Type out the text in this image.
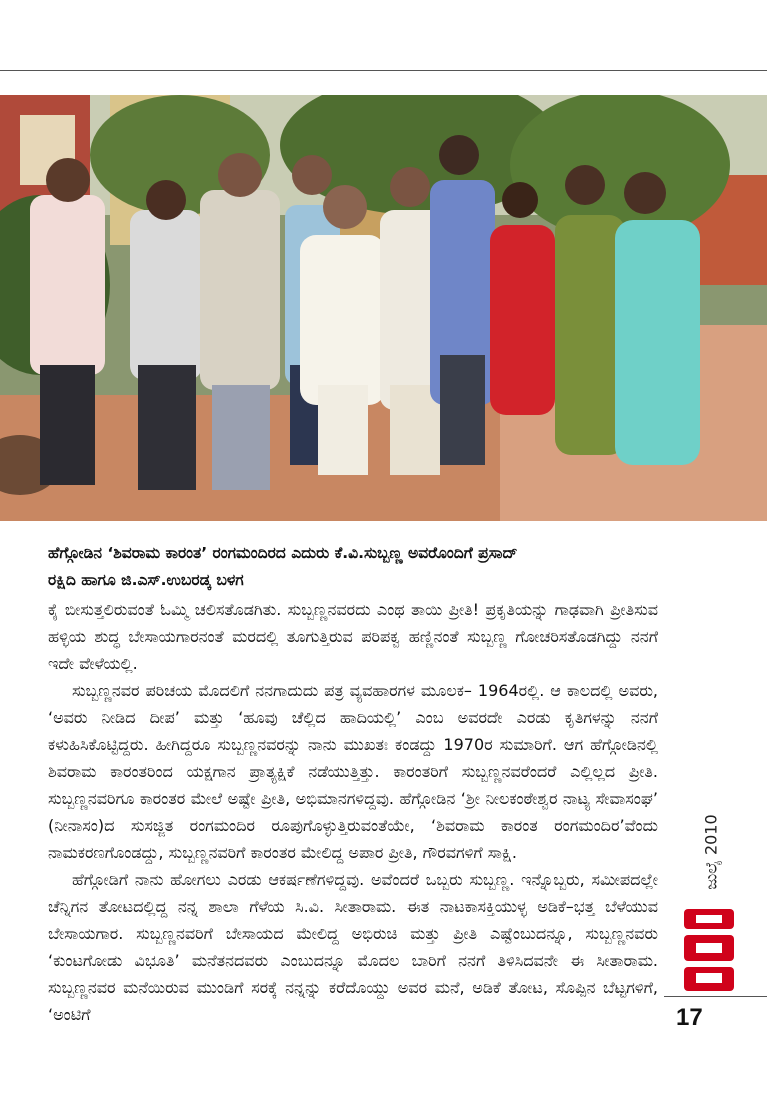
ಹೆಗ್ಗೋಡಿನ ‘ಶಿವರಾಮ ಕಾರಂತ’ ರಂಗಮಂದಿರದ ಎದುರು ಕೆ.ವಿ.ಸುಬ್ಬಣ್ಣ ಅವರೊಂದಿಗೆ ಪ್ರಸಾದ್
ರಕ್ಷಿದಿ ಹಾಗೂ ಜಿ.ಎಸ್.ಉಬರಡ್ಕ ಬಳಗ

ಕೈ ಬೀಸುತ್ತಲಿರುವಂತೆ ಓಮ್ಮಿ ಚಲಿಸತೊಡಗಿತು. ಸುಬ್ಬಣ್ಣನವರದು ಎಂಥ ತಾಯಿ ಪ್ರೀತಿ! ಪ್ರಕೃತಿಯನ್ನು ಗಾಢವಾಗಿ ಪ್ರೀತಿಸುವ ಹಳ್ಳಿಯ ಶುದ್ಧ ಬೇಸಾಯಗಾರನಂತೆ ಮರದಲ್ಲಿ ತೂಗುತ್ತಿರುವ ಪರಿಪಕ್ವ ಹಣ್ಣಿನಂತೆ ಸುಬ್ಬಣ್ಣ ಗೋಚರಿಸತೊಡಗಿದ್ದು ನನಗೆ ಇದೇ ವೇಳೆಯಲ್ಲಿ.

ಸುಬ್ಬಣ್ಣನವರ ಪರಿಚಯ ಮೊದಲಿಗೆ ನನಗಾದುದು ಪತ್ರ ವ್ಯವಹಾರಗಳ ಮೂಲಕ– 1964ರಲ್ಲಿ. ಆ ಕಾಲದಲ್ಲಿ ಅವರು, ‘ಅವರು ನೀಡಿದ ದೀಪ’ ಮತ್ತು ‘ಹೂವು ಚೆಲ್ಲಿದ ಹಾದಿಯಲ್ಲಿ’ ಎಂಬ ಅವರದೇ ಎರಡು ಕೃತಿಗಳನ್ನು ನನಗೆ ಕಳುಹಿಸಿಕೊಟ್ಟಿದ್ದರು. ಹೀಗಿದ್ದರೂ ಸುಬ್ಬಣ್ಣನವರನ್ನು ನಾನು ಮುಖತಃ ಕಂಡದ್ದು 1970ರ ಸುಮಾರಿಗೆ. ಆಗ ಹೆಗ್ಗೋಡಿನಲ್ಲಿ ಶಿವರಾಮ ಕಾರಂತರಿಂದ ಯಕ್ಷಗಾನ ಪ್ರಾತ್ಯಕ್ಷಿಕೆ ನಡೆಯುತ್ತಿತ್ತು. ಕಾರಂತರಿಗೆ ಸುಬ್ಬಣ್ಣನವರೆಂದರೆ ಎಲ್ಲಿಲ್ಲದ ಪ್ರೀತಿ. ಸುಬ್ಬಣ್ಣನವರಿಗೂ ಕಾರಂತರ ಮೇಲೆ ಅಷ್ಟೇ ಪ್ರೀತಿ, ಅಭಿಮಾನಗಳಿದ್ದವು. ಹೆಗ್ಗೋಡಿನ ‘ಶ್ರೀ ನೀಲಕಂಠೇಶ್ವರ ನಾಟ್ಯ ಸೇವಾಸಂಘ’ (ನೀನಾಸಂ)ದ ಸುಸಜ್ಜಿತ ರಂಗಮಂದಿರ ರೂಪುಗೊಳ್ಳುತ್ತಿರುವಂತೆಯೇ, ‘ಶಿವರಾಮ ಕಾರಂತ ರಂಗಮಂದಿರ’ವೆಂದು ನಾಮಕರಣಗೊಂಡದ್ದು, ಸುಬ್ಬಣ್ಣನವರಿಗೆ ಕಾರಂತರ ಮೇಲಿದ್ದ ಅಪಾರ ಪ್ರೀತಿ, ಗೌರವಗಳಿಗೆ ಸಾಕ್ಷಿ.

ಹೆಗ್ಗೋಡಿಗೆ ನಾನು ಹೋಗಲು ಎರಡು ಆಕರ್ಷಣೆಗಳಿದ್ದವು. ಅವೆಂದರೆ ಒಬ್ಬರು ಸುಬ್ಬಣ್ಣ. ಇನ್ನೊಬ್ಬರು, ಸಮೀಪದಲ್ಲೇ ಚೆನ್ನಿಗನ ತೋಟದಲ್ಲಿದ್ದ ನನ್ನ ಶಾಲಾ ಗೆಳೆಯ ಸಿ.ವಿ. ಸೀತಾರಾಮ. ಈತ ನಾಟಕಾಸಕ್ತಿಯುಳ್ಳ ಅಡಿಕೆ–ಭತ್ತ ಬೆಳೆಯುವ ಬೇಸಾಯಗಾರ. ಸುಬ್ಬಣ್ಣನವರಿಗೆ ಬೇಸಾಯದ ಮೇಲಿದ್ದ ಅಭಿರುಚಿ ಮತ್ತು ಪ್ರೀತಿ ಎಷ್ಟೆಂಬುದನ್ನೂ, ಸುಬ್ಬಣ್ಣನವರು ‘ಕುಂಟಗೋಡು ವಿಭೂತಿ’ ಮನೆತನದವರು ಎಂಬುದನ್ನೂ ಮೊದಲ ಬಾರಿಗೆ ನನಗೆ ತಿಳಿಸಿದವನೇ ಈ ಸೀತಾರಾಮ. ಸುಬ್ಬಣ್ಣನವರ ಮನೆಯಿರುವ ಮುಂಡಿಗೆ ಸರಕ್ಕೆ ನನ್ನನ್ನು ಕರೆದೊಯ್ದು ಅವರ ಮನೆ, ಅಡಿಕೆ ತೋಟ, ಸೊಪ್ಪಿನ ಬೆಟ್ಟಗಳಿಗೆ, ‘ಅಂಟಿಗೆ

ಜುಲೈ 2010
17
